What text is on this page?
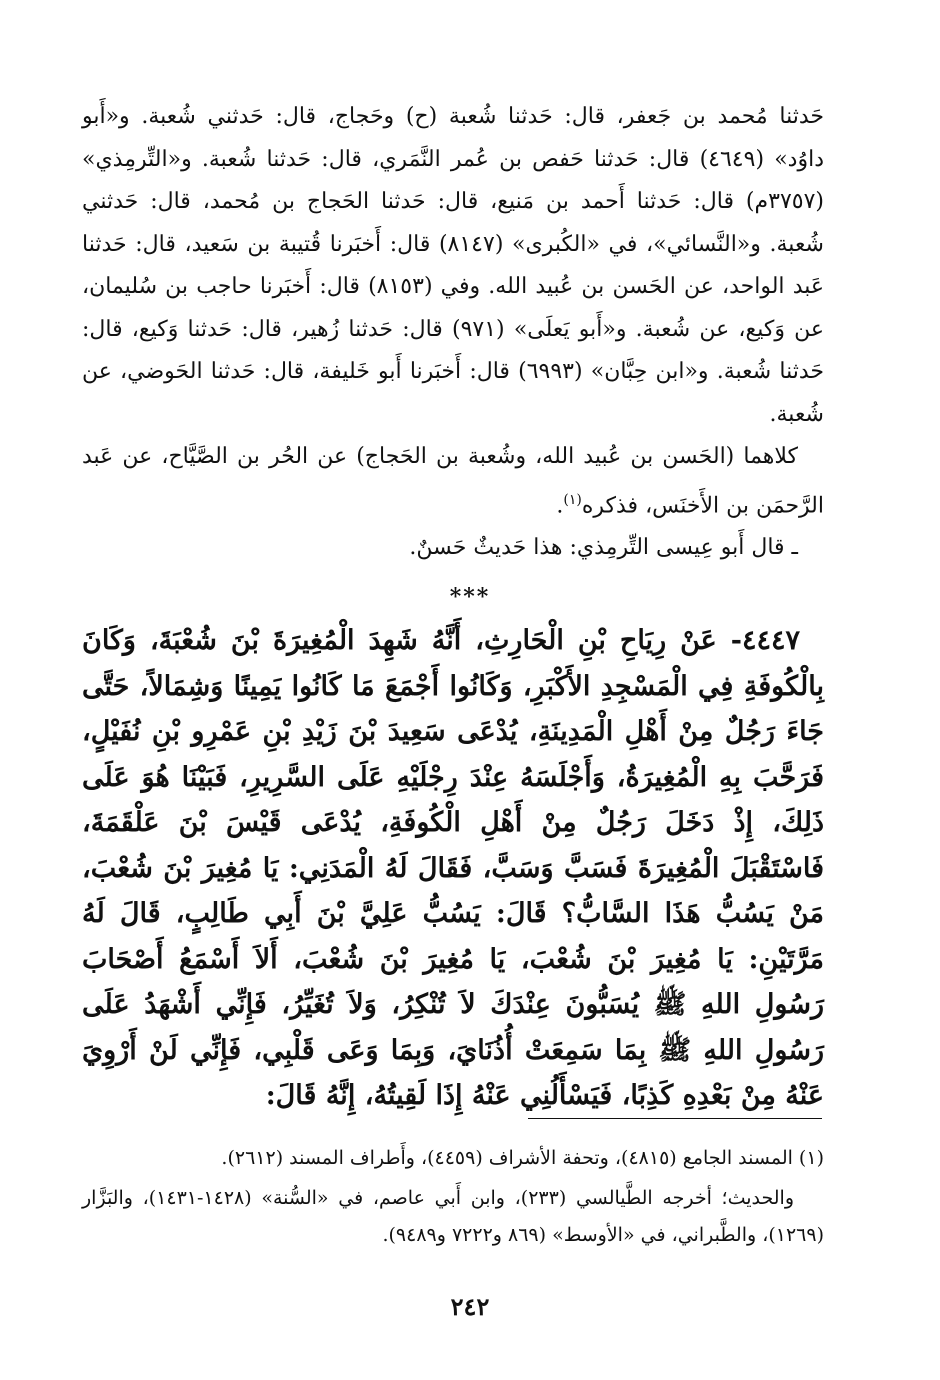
حَدثنا مُحمد بن جَعفر، قال: حَدثنا شُعبة (ح) وحَجاج، قال: حَدثني شُعبة. و«أَبو داوُد» (٤٦٤٩) قال: حَدثنا حَفص بن عُمر النَّمَري، قال: حَدثنا شُعبة. و«التِّرمِذي» (٣٧٥٧م) قال: حَدثنا أَحمد بن مَنيع، قال: حَدثنا الحَجاج بن مُحمد، قال: حَدثني شُعبة. و«النَّسائي»، في «الكُبرى» (٨١٤٧) قال: أَخبَرنا قُتيبة بن سَعيد، قال: حَدثنا عَبد الواحد، عن الحَسن بن عُبيد الله. وفي (٨١٥٣) قال: أَخبَرنا حاجب بن سُليمان، عن وَكيع، عن شُعبة. و«أَبو يَعلَى» (٩٧١) قال: حَدثنا زُهير، قال: حَدثنا وَكيع، قال: حَدثنا شُعبة. و«ابن حِبَّان» (٦٩٩٣) قال: أَخبَرنا أَبو خَليفة، قال: حَدثنا الحَوضي، عن شُعبة.

كلاهما (الحَسن بن عُبيد الله، وشُعبة بن الحَجاج) عن الحُر بن الصَّيَّاح، عن عَبد الرَّحمَن بن الأَخنَس، فذكره$^{(١)}$.

ـ قال أَبو عِيسى التِّرمِذي: هذا حَديثٌ حَسنٌ.

***

٤٤٤٧- عَنْ رِيَاحِ بْنِ الْحَارِثِ، أَنَّهُ شَهِدَ الْمُغِيرَةَ بْنَ شُعْبَةَ، وَكَانَ بِالْكُوفَةِ فِي الْمَسْجِدِ الأَكْبَرِ، وَكَانُوا أَجْمَعَ مَا كَانُوا يَمِينًا وَشِمَالاً، حَتَّى جَاءَ رَجُلٌ مِنْ أَهْلِ الْمَدِينَةِ، يُدْعَى سَعِيدَ بْنَ زَيْدِ بْنِ عَمْرِو بْنِ نُفَيْلٍ، فَرَحَّبَ بِهِ الْمُغِيرَةُ، وَأَجْلَسَهُ عِنْدَ رِجْلَيْهِ عَلَى السَّرِيرِ، فَبَيْنَا هُوَ عَلَى ذَلِكَ، إِذْ دَخَلَ رَجُلٌ مِنْ أَهْلِ الْكُوفَةِ، يُدْعَى قَيْسَ بْنَ عَلْقَمَةَ، فَاسْتَقْبَلَ الْمُغِيرَةَ فَسَبَّ وَسَبَّ، فَقَالَ لَهُ الْمَدَنِي: يَا مُغِيرَ بْنَ شُعْبَ، مَنْ يَسُبُّ هَذَا السَّابُّ؟ قَالَ: يَسُبُّ عَلِيَّ بْنَ أَبِي طَالِبٍ، قَالَ لَهُ مَرَّتَيْنِ: يَا مُغِيرَ بْنَ شُعْبَ، يَا مُغِيرَ بْنَ شُعْبَ، أَلاَ أَسْمَعُ أَصْحَابَ رَسُولِ اللهِ ﷺ يُسَبُّونَ عِنْدَكَ لاَ تُنْكِرُ، وَلاَ تُغَيِّرُ، فَإِنِّي أَشْهَدُ عَلَى رَسُولِ اللهِ ﷺ بِمَا سَمِعَتْ أُذُنَايَ، وَبِمَا وَعَى قَلْبِي، فَإِنِّي لَنْ أَرْوِيَ عَنْهُ مِنْ بَعْدِهِ كَذِبًا، فَيَسْأَلُنِي عَنْهُ إِذَا لَقِيتُهُ، إِنَّهُ قَالَ:

(١) المسند الجامع (٤٨١٥)، وتحفة الأشراف (٤٤٥٩)، وأَطراف المسند (٢٦١٢).

والحديث؛ أخرجه الطَّيالسي (٢٣٣)، وابن أَبي عاصم، في «السُّنة» (١٤٢٨-١٤٣١)، والبَزَّار (١٢٦٩)، والطَّبراني، في «الأوسط» (٨٦٩ و٧٢٢٢ و٩٤٨٩).

٢٤٢
